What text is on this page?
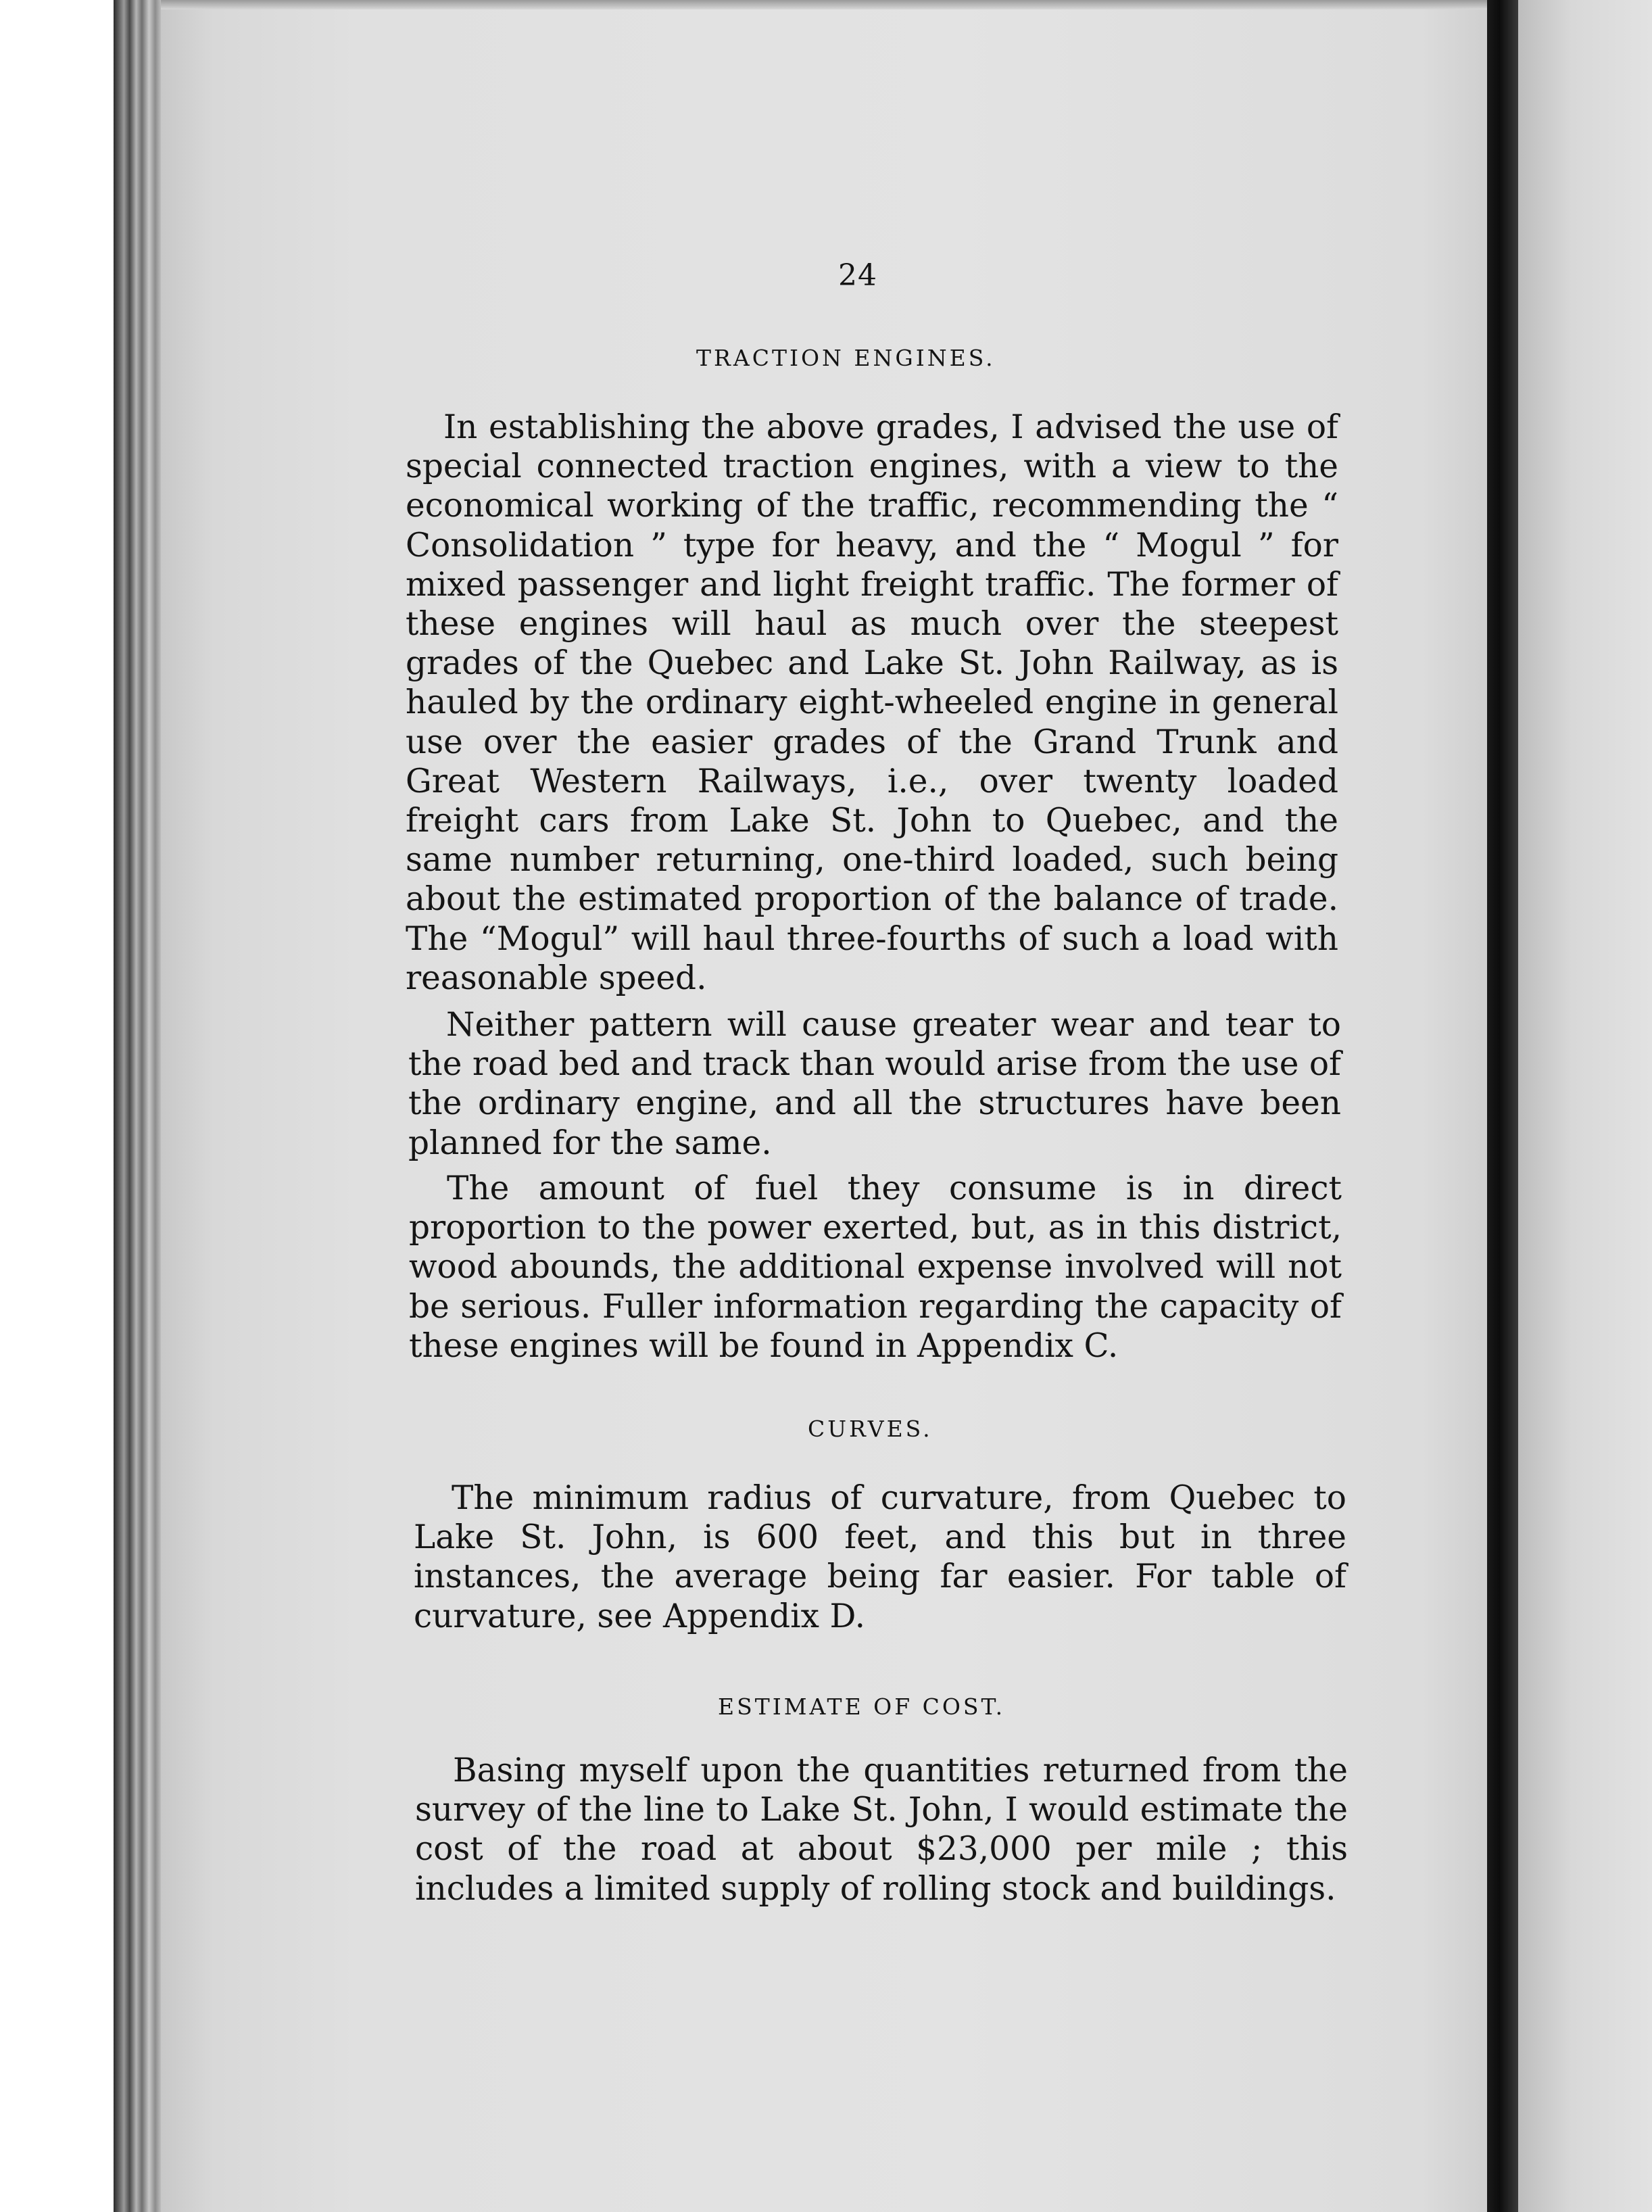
24
TRACTION ENGINES.

In establishing the above grades, I advised the use of special connected traction engines, with a view to the economical working of the traffic, recommending the “ Consolidation ” type for heavy, and the “ Mogul ” for mixed passenger and light freight traffic. The former of these engines will haul as much over the steepest grades of the Quebec and Lake St. John Railway, as is hauled by the ordinary eight-wheeled engine in general use over the easier grades of the Grand Trunk and Great Western Railways, i.e., over twenty loaded freight cars from Lake St. John to Quebec, and the same number returning, one-third loaded, such being about the estimated proportion of the balance of trade. The “Mogul” will haul three-fourths of such a load with reasonable speed.

Neither pattern will cause greater wear and tear to the road bed and track than would arise from the use of the ordinary engine, and all the structures have been planned for the same.

The amount of fuel they consume is in direct proportion to the power exerted, but, as in this district, wood abounds, the additional expense involved will not be serious. Fuller information regarding the capacity of these engines will be found in Appendix C.

CURVES.

The minimum radius of curvature, from Quebec to Lake St. John, is 600 feet, and this but in three instances, the average being far easier. For table of curvature, see Appendix D.

ESTIMATE OF COST.

Basing myself upon the quantities returned from the survey of the line to Lake St. John, I would estimate the cost of the road at about $23,000 per mile ; this includes a limited supply of rolling stock and buildings.
